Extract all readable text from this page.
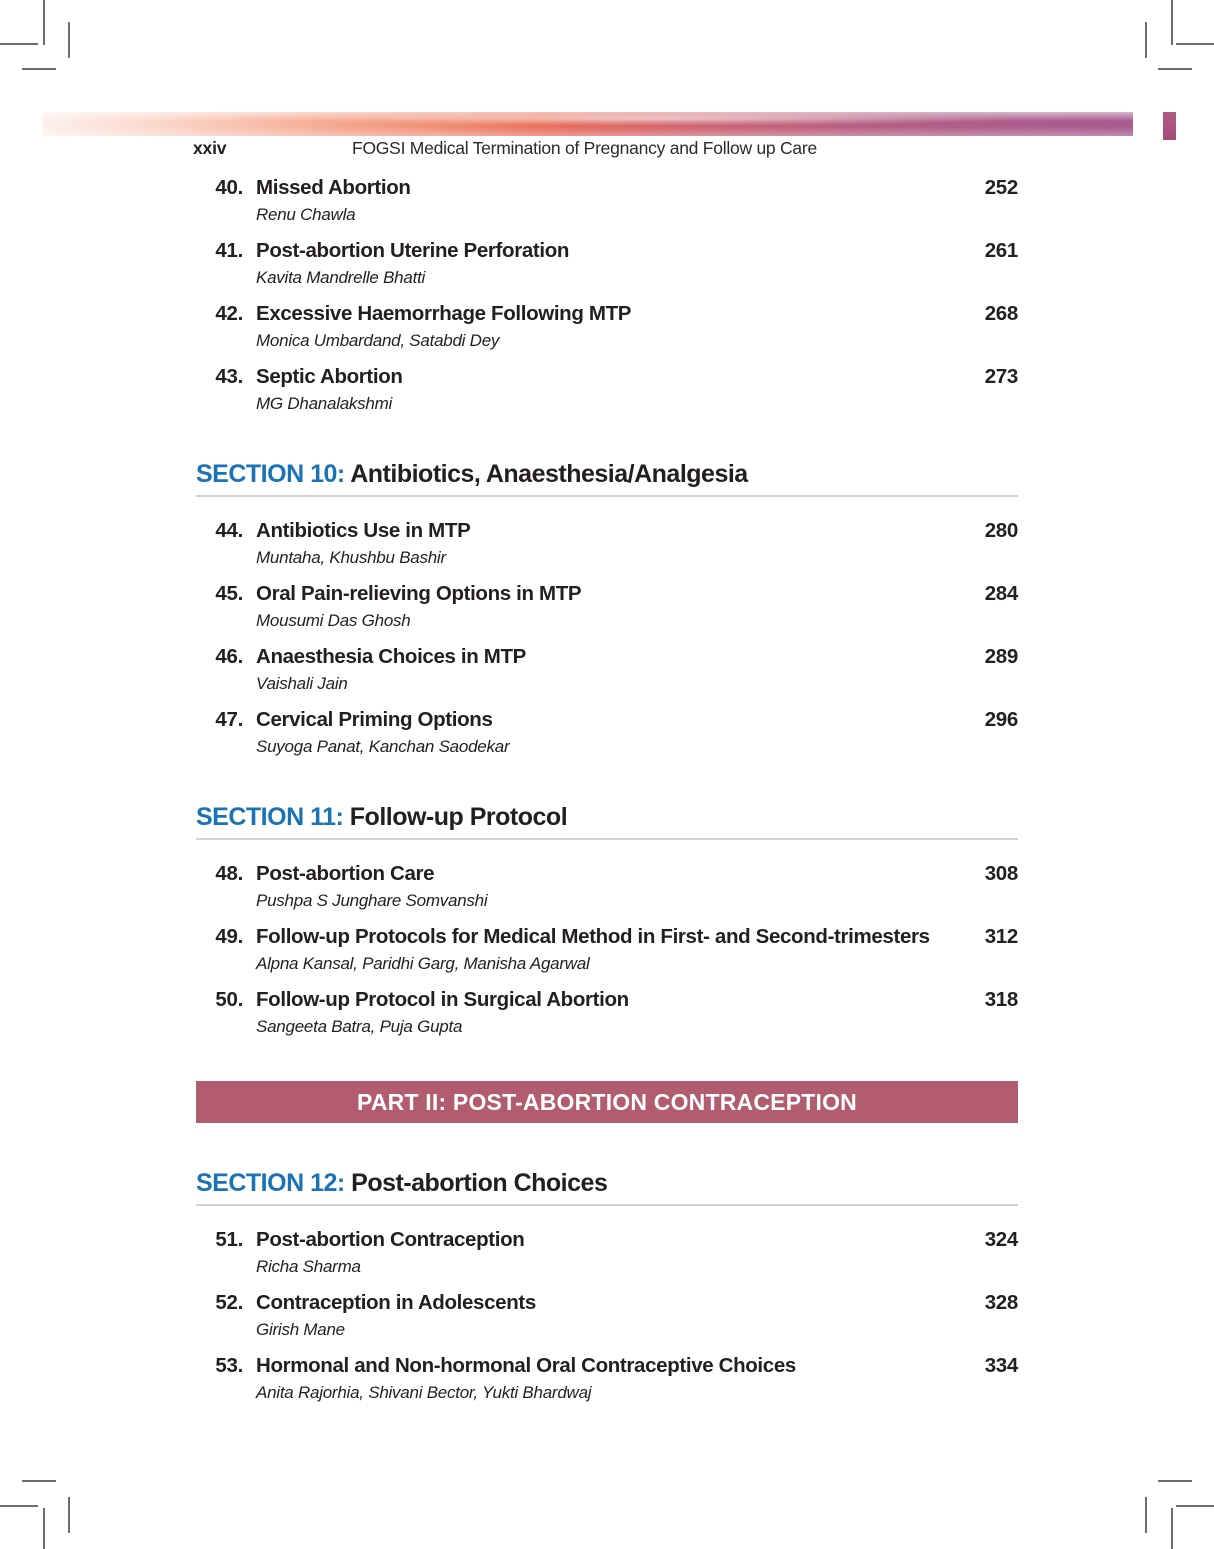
xxiv	FOGSI Medical Termination of Pregnancy and Follow up Care
40. Missed Abortion	252
Renu Chawla
41. Post-abortion Uterine Perforation	261
Kavita Mandrelle Bhatti
42. Excessive Haemorrhage Following MTP	268
Monica Umbardand, Satabdi Dey
43. Septic Abortion	273
MG Dhanalakshmi
SECTION 10: Antibiotics, Anaesthesia/Analgesia
44. Antibiotics Use in MTP	280
Muntaha, Khushbu Bashir
45. Oral Pain-relieving Options in MTP	284
Mousumi Das Ghosh
46. Anaesthesia Choices in MTP	289
Vaishali Jain
47. Cervical Priming Options	296
Suyoga Panat, Kanchan Saodekar
SECTION 11: Follow-up Protocol
48. Post-abortion Care	308
Pushpa S Junghare Somvanshi
49. Follow-up Protocols for Medical Method in First- and Second-trimesters	312
Alpna Kansal, Paridhi Garg, Manisha Agarwal
50. Follow-up Protocol in Surgical Abortion	318
Sangeeta Batra, Puja Gupta
PART II: POST-ABORTION CONTRACEPTION
SECTION 12: Post-abortion Choices
51. Post-abortion Contraception	324
Richa Sharma
52. Contraception in Adolescents	328
Girish Mane
53. Hormonal and Non-hormonal Oral Contraceptive Choices	334
Anita Rajorhia, Shivani Bector, Yukti Bhardwaj
